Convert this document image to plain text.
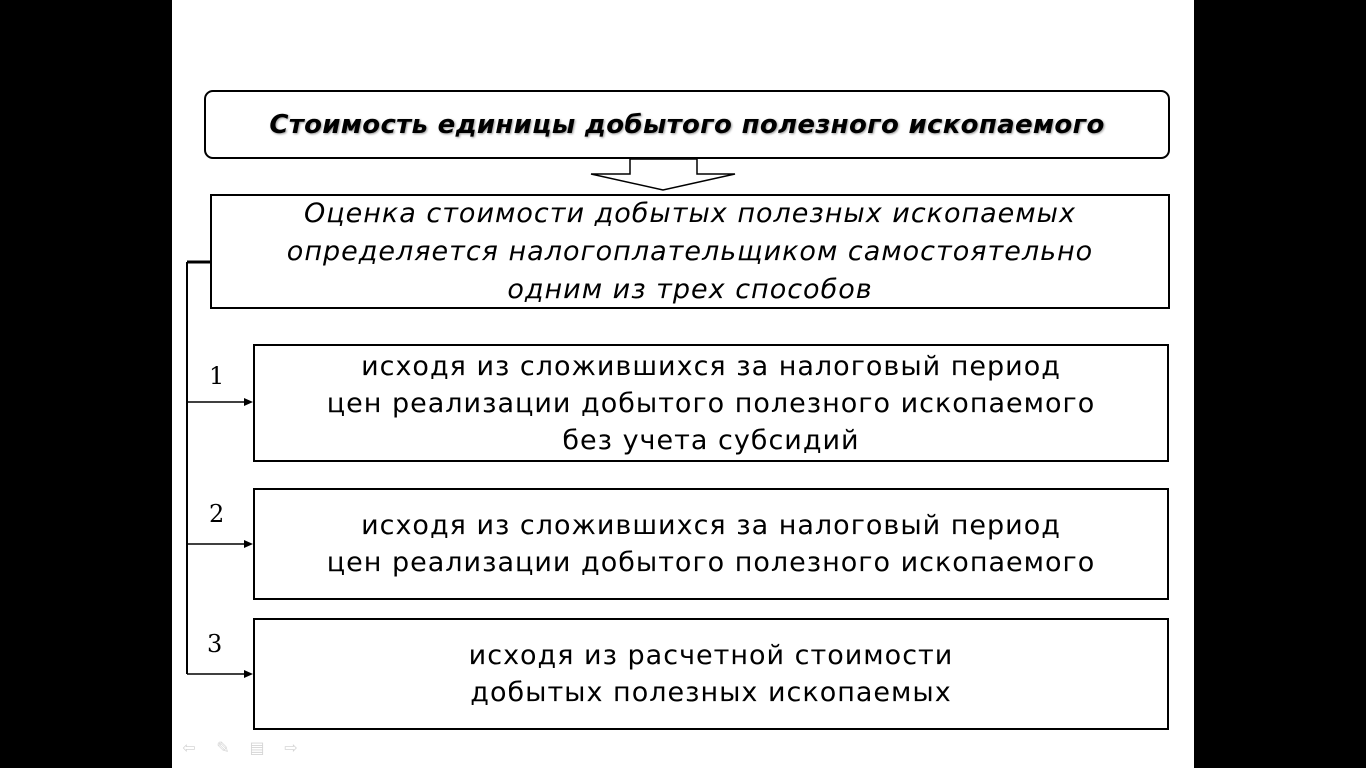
Стоимость единицы добытого полезного ископаемого
Оценка стоимости добытых полезных ископаемых
определяется налогоплательщиком самостоятельно
одним из трех способов
1	исходя из сложившихся за налоговый период
цен реализации добытого полезного ископаемого
без учета субсидий
2	исходя из сложившихся за налоговый период
цен реализации добытого полезного ископаемого
3	исходя из расчетной стоимости
добытых полезных ископаемых
⇦ ✎ ▤ ⇨
